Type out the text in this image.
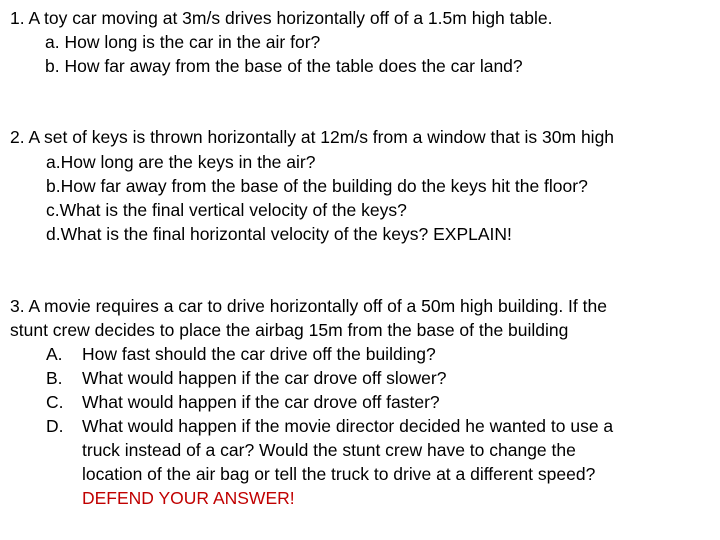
1. A toy car moving at 3m/s drives horizontally off of a 1.5m high table.
a. How long is the car in the air for?
b. How far away from the base of the table does the car land?
2. A set of keys is thrown horizontally at 12m/s from a window that is 30m high
a.How long are the keys in the air?
b.How far away from the base of the building do the keys hit the floor?
c.What is the final vertical velocity of the keys?
d.What is the final horizontal velocity of the keys? EXPLAIN!
3. A movie requires a car to drive horizontally off of a 50m high building. If the
stunt crew decides to place the airbag 15m from the base of the building
A. How fast should the car drive off the building?
B. What would happen if the car drove off slower?
C. What would happen if the car drove off faster?
D. What would happen if the movie director decided he wanted to use a
truck instead of a car? Would the stunt crew have to change the
location of the air bag or tell the truck to drive at a different speed?
DEFEND YOUR ANSWER!
